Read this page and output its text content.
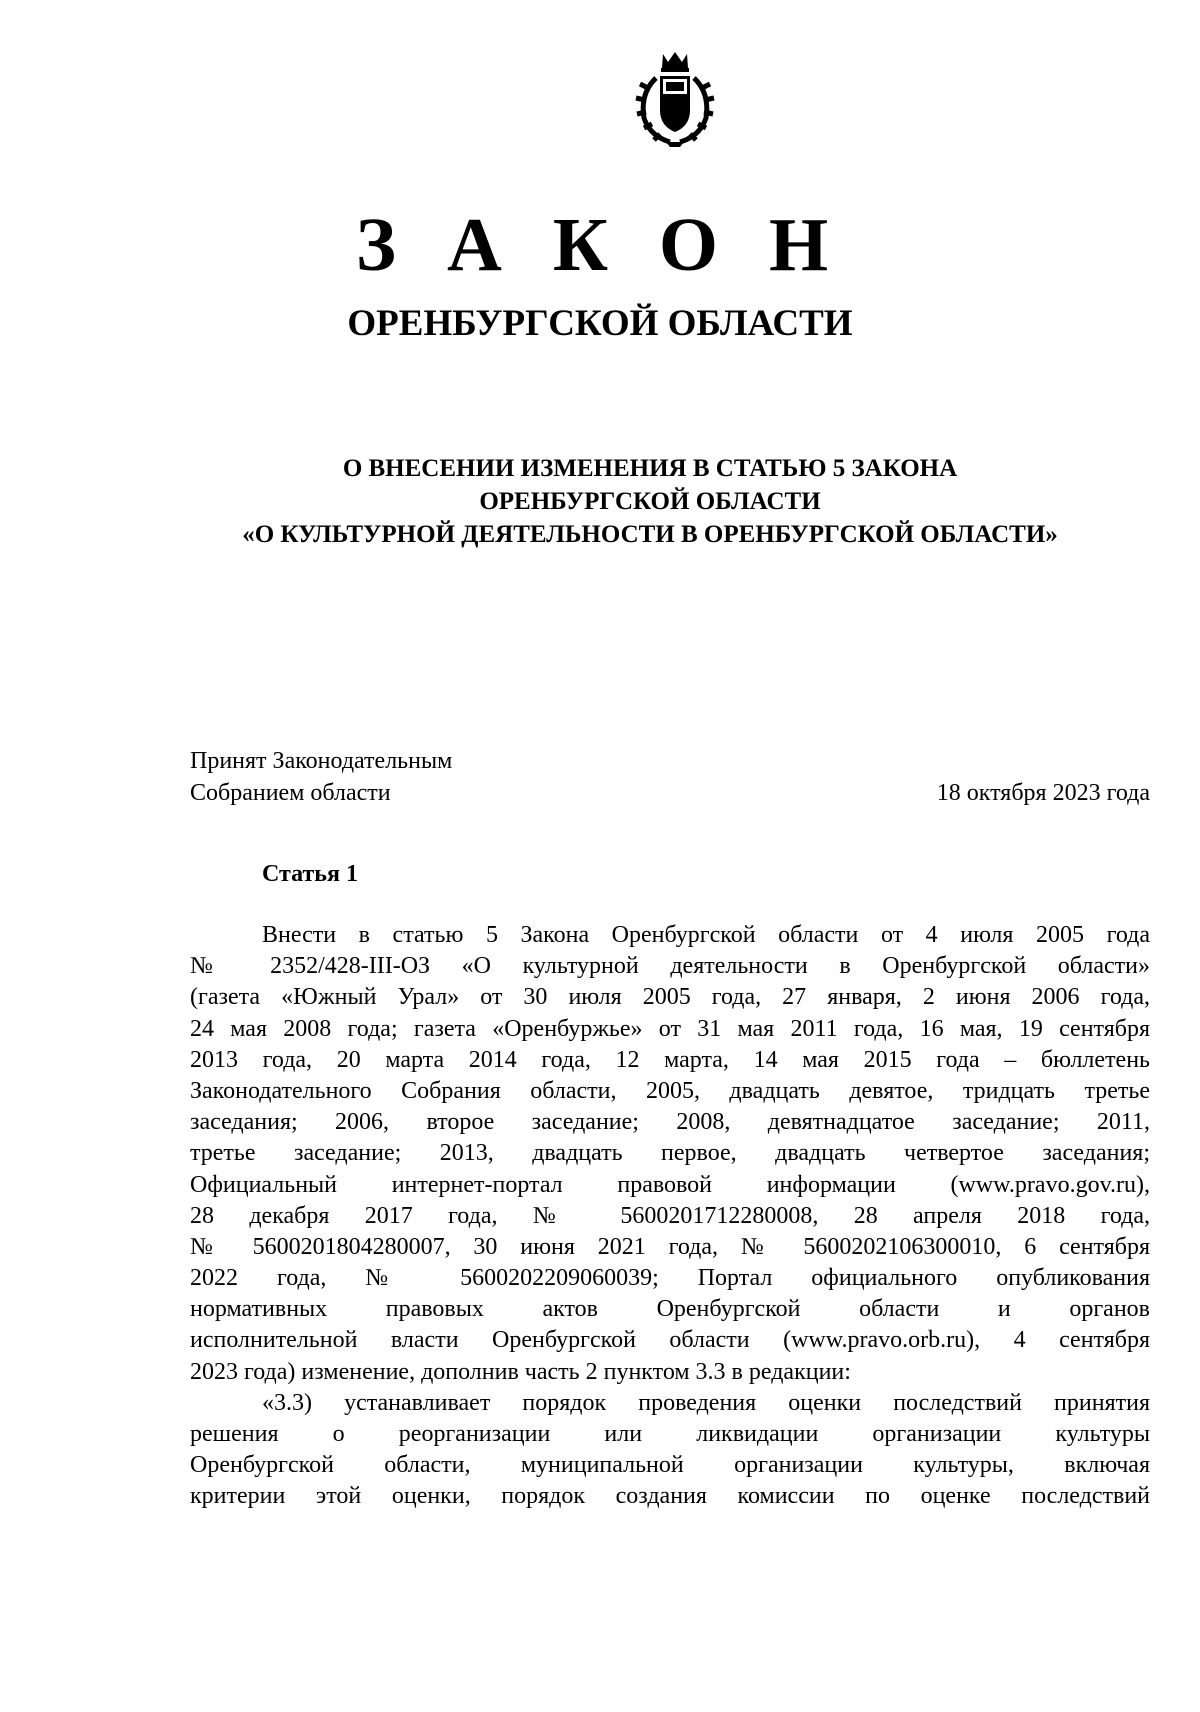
З А К О Н
ОРЕНБУРГСКОЙ ОБЛАСТИ
О ВНЕСЕНИИ ИЗМЕНЕНИЯ В СТАТЬЮ 5 ЗАКОНА
ОРЕНБУРГСКОЙ ОБЛАСТИ
«О КУЛЬТУРНОЙ ДЕЯТЕЛЬНОСТИ В ОРЕНБУРГСКОЙ ОБЛАСТИ»
Принят Законодательным
Собранием области	18 октября 2023 года
Статья 1
Внести в статью 5 Закона Оренбургской области от 4 июля 2005 года
№ 2352/428-III-ОЗ «О культурной деятельности в Оренбургской области»
(газета «Южный Урал» от 30 июля 2005 года, 27 января, 2 июня 2006 года,
24 мая 2008 года; газета «Оренбуржье» от 31 мая 2011 года, 16 мая, 19 сентября
2013 года, 20 марта 2014 года, 12 марта, 14 мая 2015 года – бюллетень
Законодательного Собрания области, 2005, двадцать девятое, тридцать третье
заседания; 2006, второе заседание; 2008, девятнадцатое заседание; 2011,
третье заседание; 2013, двадцать первое, двадцать четвертое заседания;
Официальный интернет-портал правовой информации (www.pravo.gov.ru),
28 декабря 2017 года, № 5600201712280008, 28 апреля 2018 года,
№ 5600201804280007, 30 июня 2021 года, № 5600202106300010, 6 сентября
2022 года, № 5600202209060039; Портал официального опубликования
нормативных правовых актов Оренбургской области и органов
исполнительной власти Оренбургской области (www.pravo.orb.ru), 4 сентября
2023 года) изменение, дополнив часть 2 пунктом 3.3 в редакции:
«3.3) устанавливает порядок проведения оценки последствий принятия
решения о реорганизации или ликвидации организации культуры
Оренбургской области, муниципальной организации культуры, включая
критерии этой оценки, порядок создания комиссии по оценке последствий
